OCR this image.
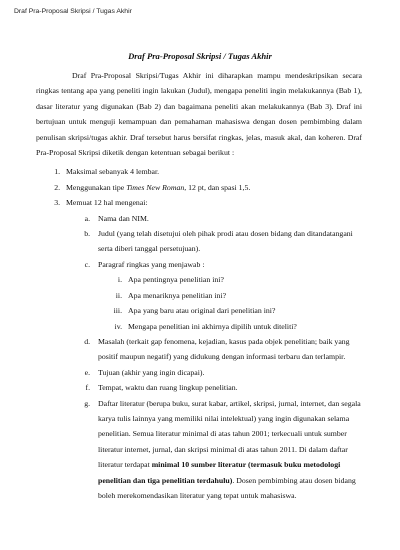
Draf Pra-Proposal Skripsi / Tugas Akhir
Draf Pra-Proposal Skripsi / Tugas Akhir

Draf Pra-Proposal Skripsi/Tugas Akhir ini diharapkan mampu mendeskripsikan secara ringkas tentang apa yang peneliti ingin lakukan (Judul), mengapa peneliti ingin melakukannya (Bab 1), dasar literatur yang digunakan (Bab 2) dan bagaimana peneliti akan melakukannya (Bab 3). Draf ini bertujuan untuk menguji kemampuan dan pemahaman mahasiswa dengan dosen pembimbing dalam penulisan skripsi/tugas akhir. Draf tersebut harus bersifat ringkas, jelas, masuk akal, dan koheren. Draf Pra-Proposal Skripsi diketik dengan ketentuan sebagai berikut :

1. Maksimal sebanyak 4 lembar.
2. Menggunakan tipe Times New Roman, 12 pt, dan spasi 1,5.
3. Memuat 12 hal mengenai:
a. Nama dan NIM.
b. Judul (yang telah disetujui oleh pihak prodi atau dosen bidang dan ditandatangani serta diberi tanggal persetujuan).
c. Paragraf ringkas yang menjawab :
i. Apa pentingnya penelitian ini?
ii. Apa menariknya penelitian ini?
iii. Apa yang baru atau original dari penelitian ini?
iv. Mengapa penelitian ini akhirnya dipilih untuk diteliti?
d. Masalah (terkait gap fenomena, kejadian, kasus pada objek penelitian; baik yang positif maupun negatif) yang didukung dengan informasi terbaru dan terlampir.
e. Tujuan (akhir yang ingin dicapai).
f. Tempat, waktu dan ruang lingkup penelitian.
g. Daftar literatur (berupa buku, surat kabar, artikel, skripsi, jurnal, internet, dan segala karya tulis lainnya yang memiliki nilai intelektual) yang ingin digunakan selama penelitian. Semua literatur minimal di atas tahun 2001; terkecuali untuk sumber literatur internet, jurnal, dan skripsi minimal di atas tahun 2011. Di dalam daftar literatur terdapat minimal 10 sumber literatur (termasuk buku metodologi penelitian dan tiga penelitian terdahulu). Dosen pembimbing atau dosen bidang boleh merekomendasikan literatur yang tepat untuk mahasiswa.
